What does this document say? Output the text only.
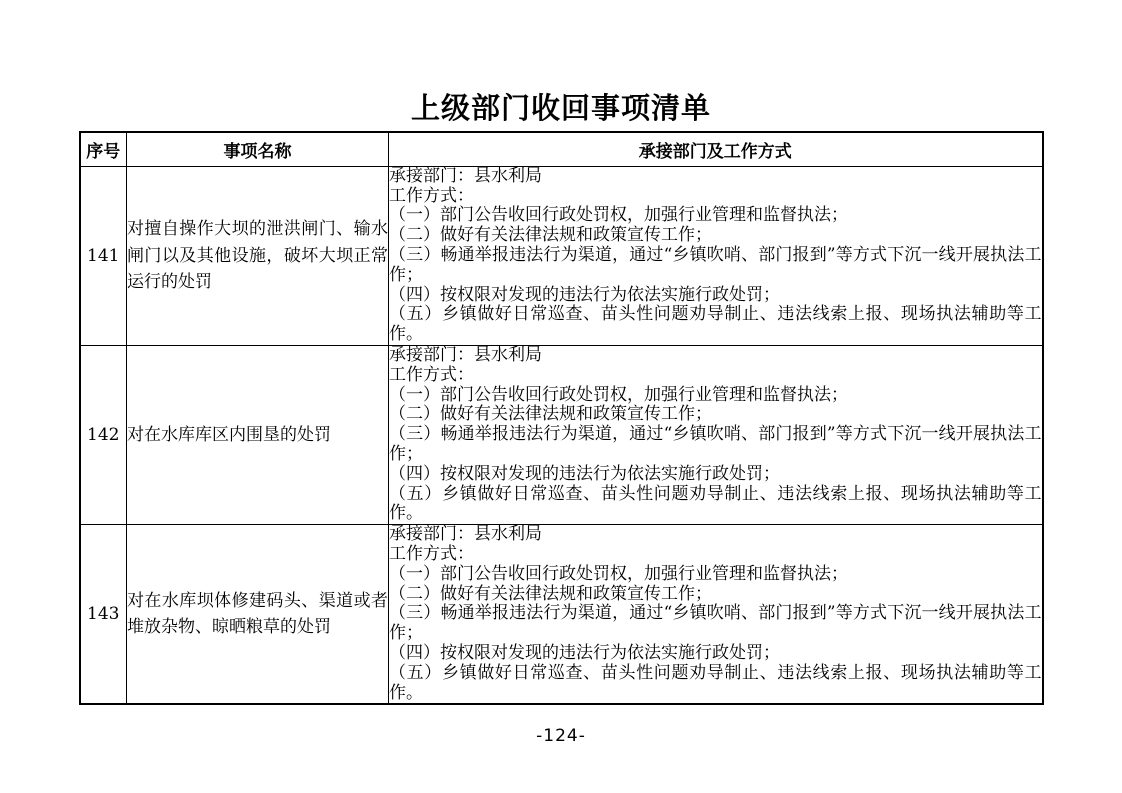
上级部门收回事项清单
序号	事项名称	承接部门及工作方式
141	对擅自操作大坝的泄洪闸门、输水闸门以及其他设施，破坏大坝正常运行的处罚	
承接部门：县水利局
工作方式：
（一）部门公告收回行政处罚权，加强行业管理和监督执法；
（二）做好有关法律法规和政策宣传工作；
（三）畅通举报违法行为渠道，通过“乡镇吹哨、部门报到”等方式下沉一线开展执法工作；
（四）按权限对发现的违法行为依法实施行政处罚；
（五）乡镇做好日常巡查、苗头性问题劝导制止、违法线索上报、现场执法辅助等工作。

142	对在水库库区内围垦的处罚	
承接部门：县水利局
工作方式：
（一）部门公告收回行政处罚权，加强行业管理和监督执法；
（二）做好有关法律法规和政策宣传工作；
（三）畅通举报违法行为渠道，通过“乡镇吹哨、部门报到”等方式下沉一线开展执法工作；
（四）按权限对发现的违法行为依法实施行政处罚；
（五）乡镇做好日常巡查、苗头性问题劝导制止、违法线索上报、现场执法辅助等工作。

143	对在水库坝体修建码头、渠道或者堆放杂物、晾晒粮草的处罚	
承接部门：县水利局
工作方式：
（一）部门公告收回行政处罚权，加强行业管理和监督执法；
（二）做好有关法律法规和政策宣传工作；
（三）畅通举报违法行为渠道，通过“乡镇吹哨、部门报到”等方式下沉一线开展执法工作；
（四）按权限对发现的违法行为依法实施行政处罚；
（五）乡镇做好日常巡查、苗头性问题劝导制止、违法线索上报、现场执法辅助等工作。
-124-
